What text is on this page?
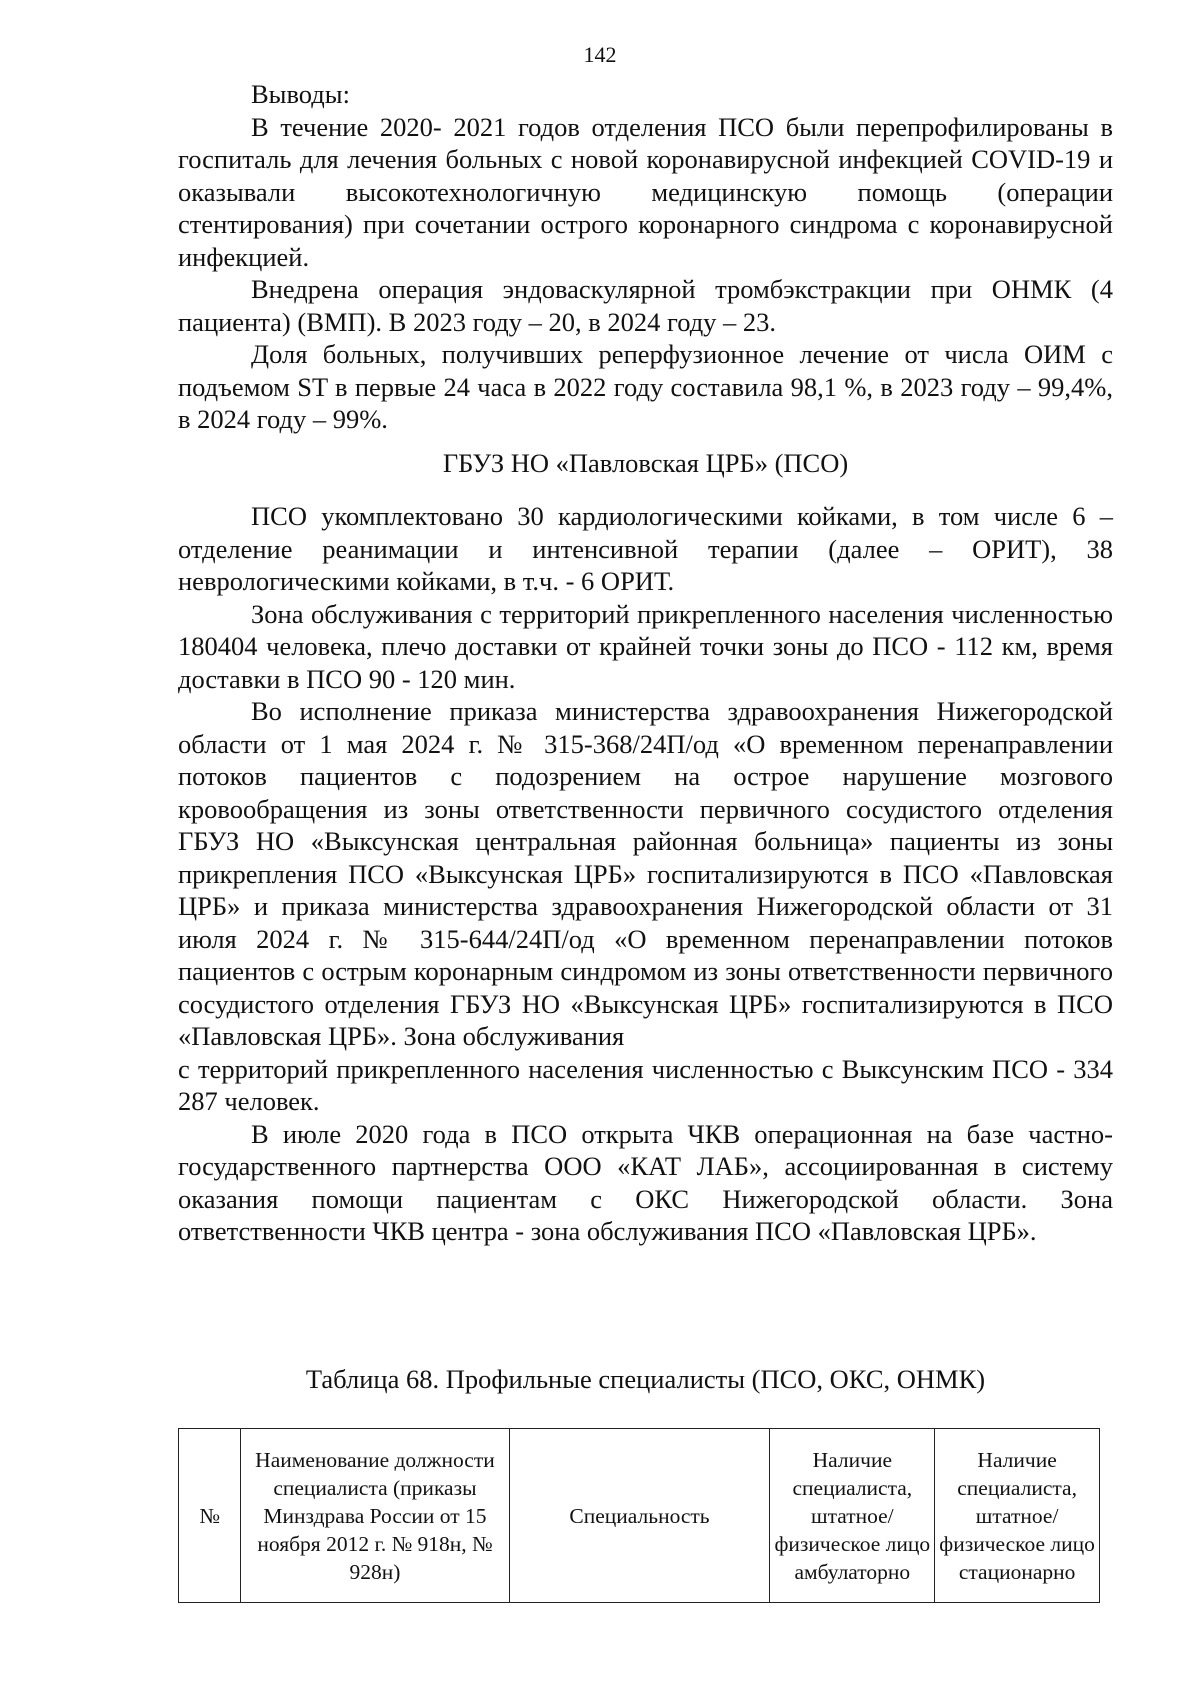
142

Выводы:

В течение 2020- 2021 годов отделения ПСО были перепрофилированы в госпиталь для лечения больных с новой коронавирусной инфекцией COVID-19 и оказывали высокотехнологичную медицинскую помощь (операции стентирования) при сочетании острого коронарного синдрома с коронавирусной инфекцией.

Внедрена операция эндоваскулярной тромбэкстракции при ОНМК (4 пациента) (ВМП). В 2023 году – 20, в 2024 году – 23.

Доля больных, получивших реперфузионное лечение от числа ОИМ с подъемом ST в первые 24 часа в 2022 году составила 98,1 %, в 2023 году – 99,4%, в 2024 году – 99%.

ГБУЗ НО «Павловская ЦРБ» (ПСО)

ПСО укомплектовано 30 кардиологическими койками, в том числе 6 – отделение реанимации и интенсивной терапии (далее – ОРИТ), 38 неврологическими койками, в т.ч. - 6 ОРИТ.

Зона обслуживания с территорий прикрепленного населения численностью 180404 человека, плечо доставки от крайней точки зоны до ПСО - 112 км, время доставки в ПСО 90 - 120 мин.

Во исполнение приказа министерства здравоохранения Нижегородской области от 1 мая 2024 г. № 315-368/24П/од «О временном перенаправлении потоков пациентов с подозрением на острое нарушение мозгового кровообращения из зоны ответственности первичного сосудистого отделения ГБУЗ НО «Выксунская центральная районная больница» пациенты из зоны прикрепления ПСО «Выксунская ЦРБ» госпитализируются в ПСО «Павловская ЦРБ» и приказа министерства здравоохранения Нижегородской области от 31 июля 2024 г. № 315-644/24П/од «О временном перенаправлении потоков пациентов с острым коронарным синдромом из зоны ответственности первичного сосудистого отделения ГБУЗ НО «Выксунская ЦРБ» госпитализируются в ПСО «Павловская ЦРБ». Зона обслуживания

с территорий прикрепленного населения численностью с Выксунским ПСО - 334 287 человек.

В июле 2020 года в ПСО открыта ЧКВ операционная на базе частно-государственного партнерства ООО «КАТ ЛАБ», ассоциированная в систему оказания помощи пациентам с ОКС Нижегородской области. Зона ответственности ЧКВ центра - зона обслуживания ПСО «Павловская ЦРБ».

Таблица 68. Профильные специалисты (ПСО, ОКС, ОНМК)

№	Наименование должности специалиста (приказы Минздрава России от 15 ноября 2012 г. № 918н, № 928н)	Специальность	Наличие специалиста, штатное/физическое лицо амбулаторно	Наличие специалиста, штатное/физическое лицо стационарно
